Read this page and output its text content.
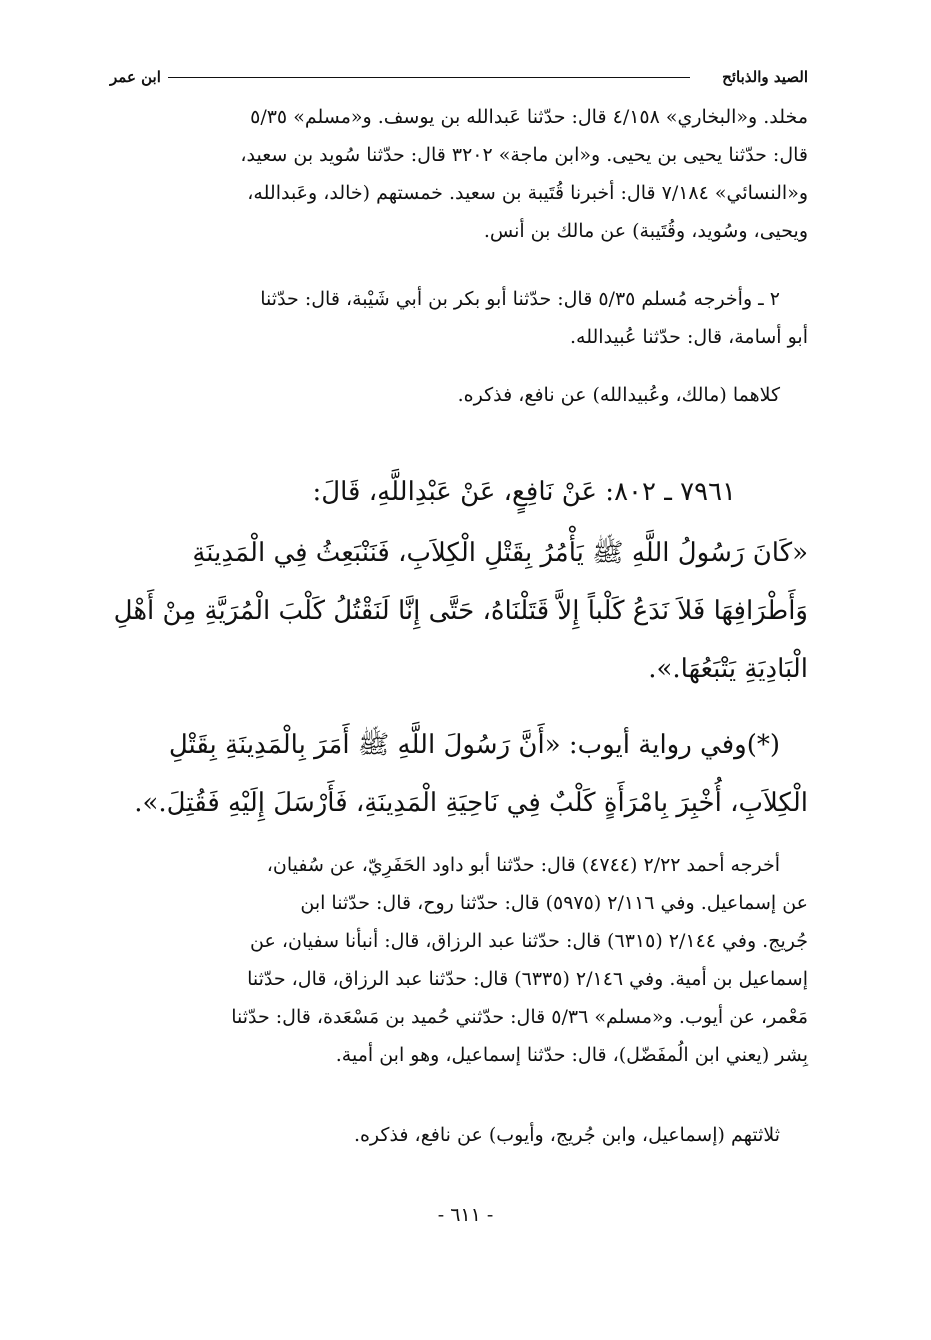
الصيد والذبائح
ابن عمر
مخلد. و«البخاري» ٤/١٥٨ قال: حدّثنا عَبدالله بن يوسف. و«مسلم» ٥/٣٥
قال: حدّثنا يحيى بن يحيى. و«ابن ماجة» ٣٢٠٢ قال: حدّثنا سُويد بن سعيد،
و«النسائي» ٧/١٨٤ قال: أخبرنا قُتَيبة بن سعيد. خمستهم (خالد، وعَبدالله،
ويحيى، وسُويد، وقُتَيبة) عن مالك بن أنس.
٢ ـ وأخرجه مُسلم ٥/٣٥ قال: حدّثنا أبو بكر بن أبي شَيْبة، قال: حدّثنا
أبو أسامة، قال: حدّثنا عُبيدالله.
كلاهما (مالك، وعُبيدالله) عن نافع، فذكره.
٧٩٦١ ـ ٨٠٢: عَنْ نَافِعٍ، عَنْ عَبْدِاللَّهِ، قَالَ:
«كَانَ رَسُولُ اللَّهِ ﷺ يَأْمُرُ بِقَتْلِ الْكِلاَبِ، فَنَنْبَعِثُ فِي الْمَدِينَةِ
وَأَطْرَافِهَا فَلاَ نَدَعُ كَلْباً إِلاَّ قَتَلْنَاهُ، حَتَّى إِنَّا لَنَقْتُلُ كَلْبَ الْمُرَيَّةِ مِنْ أَهْلِ
الْبَادِيَةِ يَتْبَعُهَا.».
(*)وفي رواية أيوب: «أَنَّ رَسُولَ اللَّهِ ﷺ أَمَرَ بِالْمَدِينَةِ بِقَتْلِ
الْكِلاَبِ، أُخْبِرَ بِامْرَأَةٍ كَلْبٌ فِي نَاحِيَةِ الْمَدِينَةِ، فَأَرْسَلَ إِلَيْهِ فَقُتِلَ.».
أخرجه أحمد ٢/٢٢ (٤٧٤٤) قال: حدّثنا أبو داود الحَفَرِيّ، عن سُفيان،
عن إسماعيل. وفي ٢/١١٦ (٥٩٧٥) قال: حدّثنا روح، قال: حدّثنا ابن
جُريج. وفي ٢/١٤٤ (٦٣١٥) قال: حدّثنا عبد الرزاق، قال: أنبأنا سفيان، عن
إسماعيل بن أمية. وفي ٢/١٤٦ (٦٣٣٥) قال: حدّثنا عبد الرزاق، قال، حدّثنا
مَعْمر، عن أيوب. و«مسلم» ٥/٣٦ قال: حدّثني حُميد بن مَسْعَدة، قال: حدّثنا
بِشر (يعني ابن الُمفَضّل)، قال: حدّثنا إسماعيل، وهو ابن أمية.
ثلاثتهم (إسماعيل، وابن جُريج، وأيوب) عن نافع، فذكره.
- ٦١١ -
